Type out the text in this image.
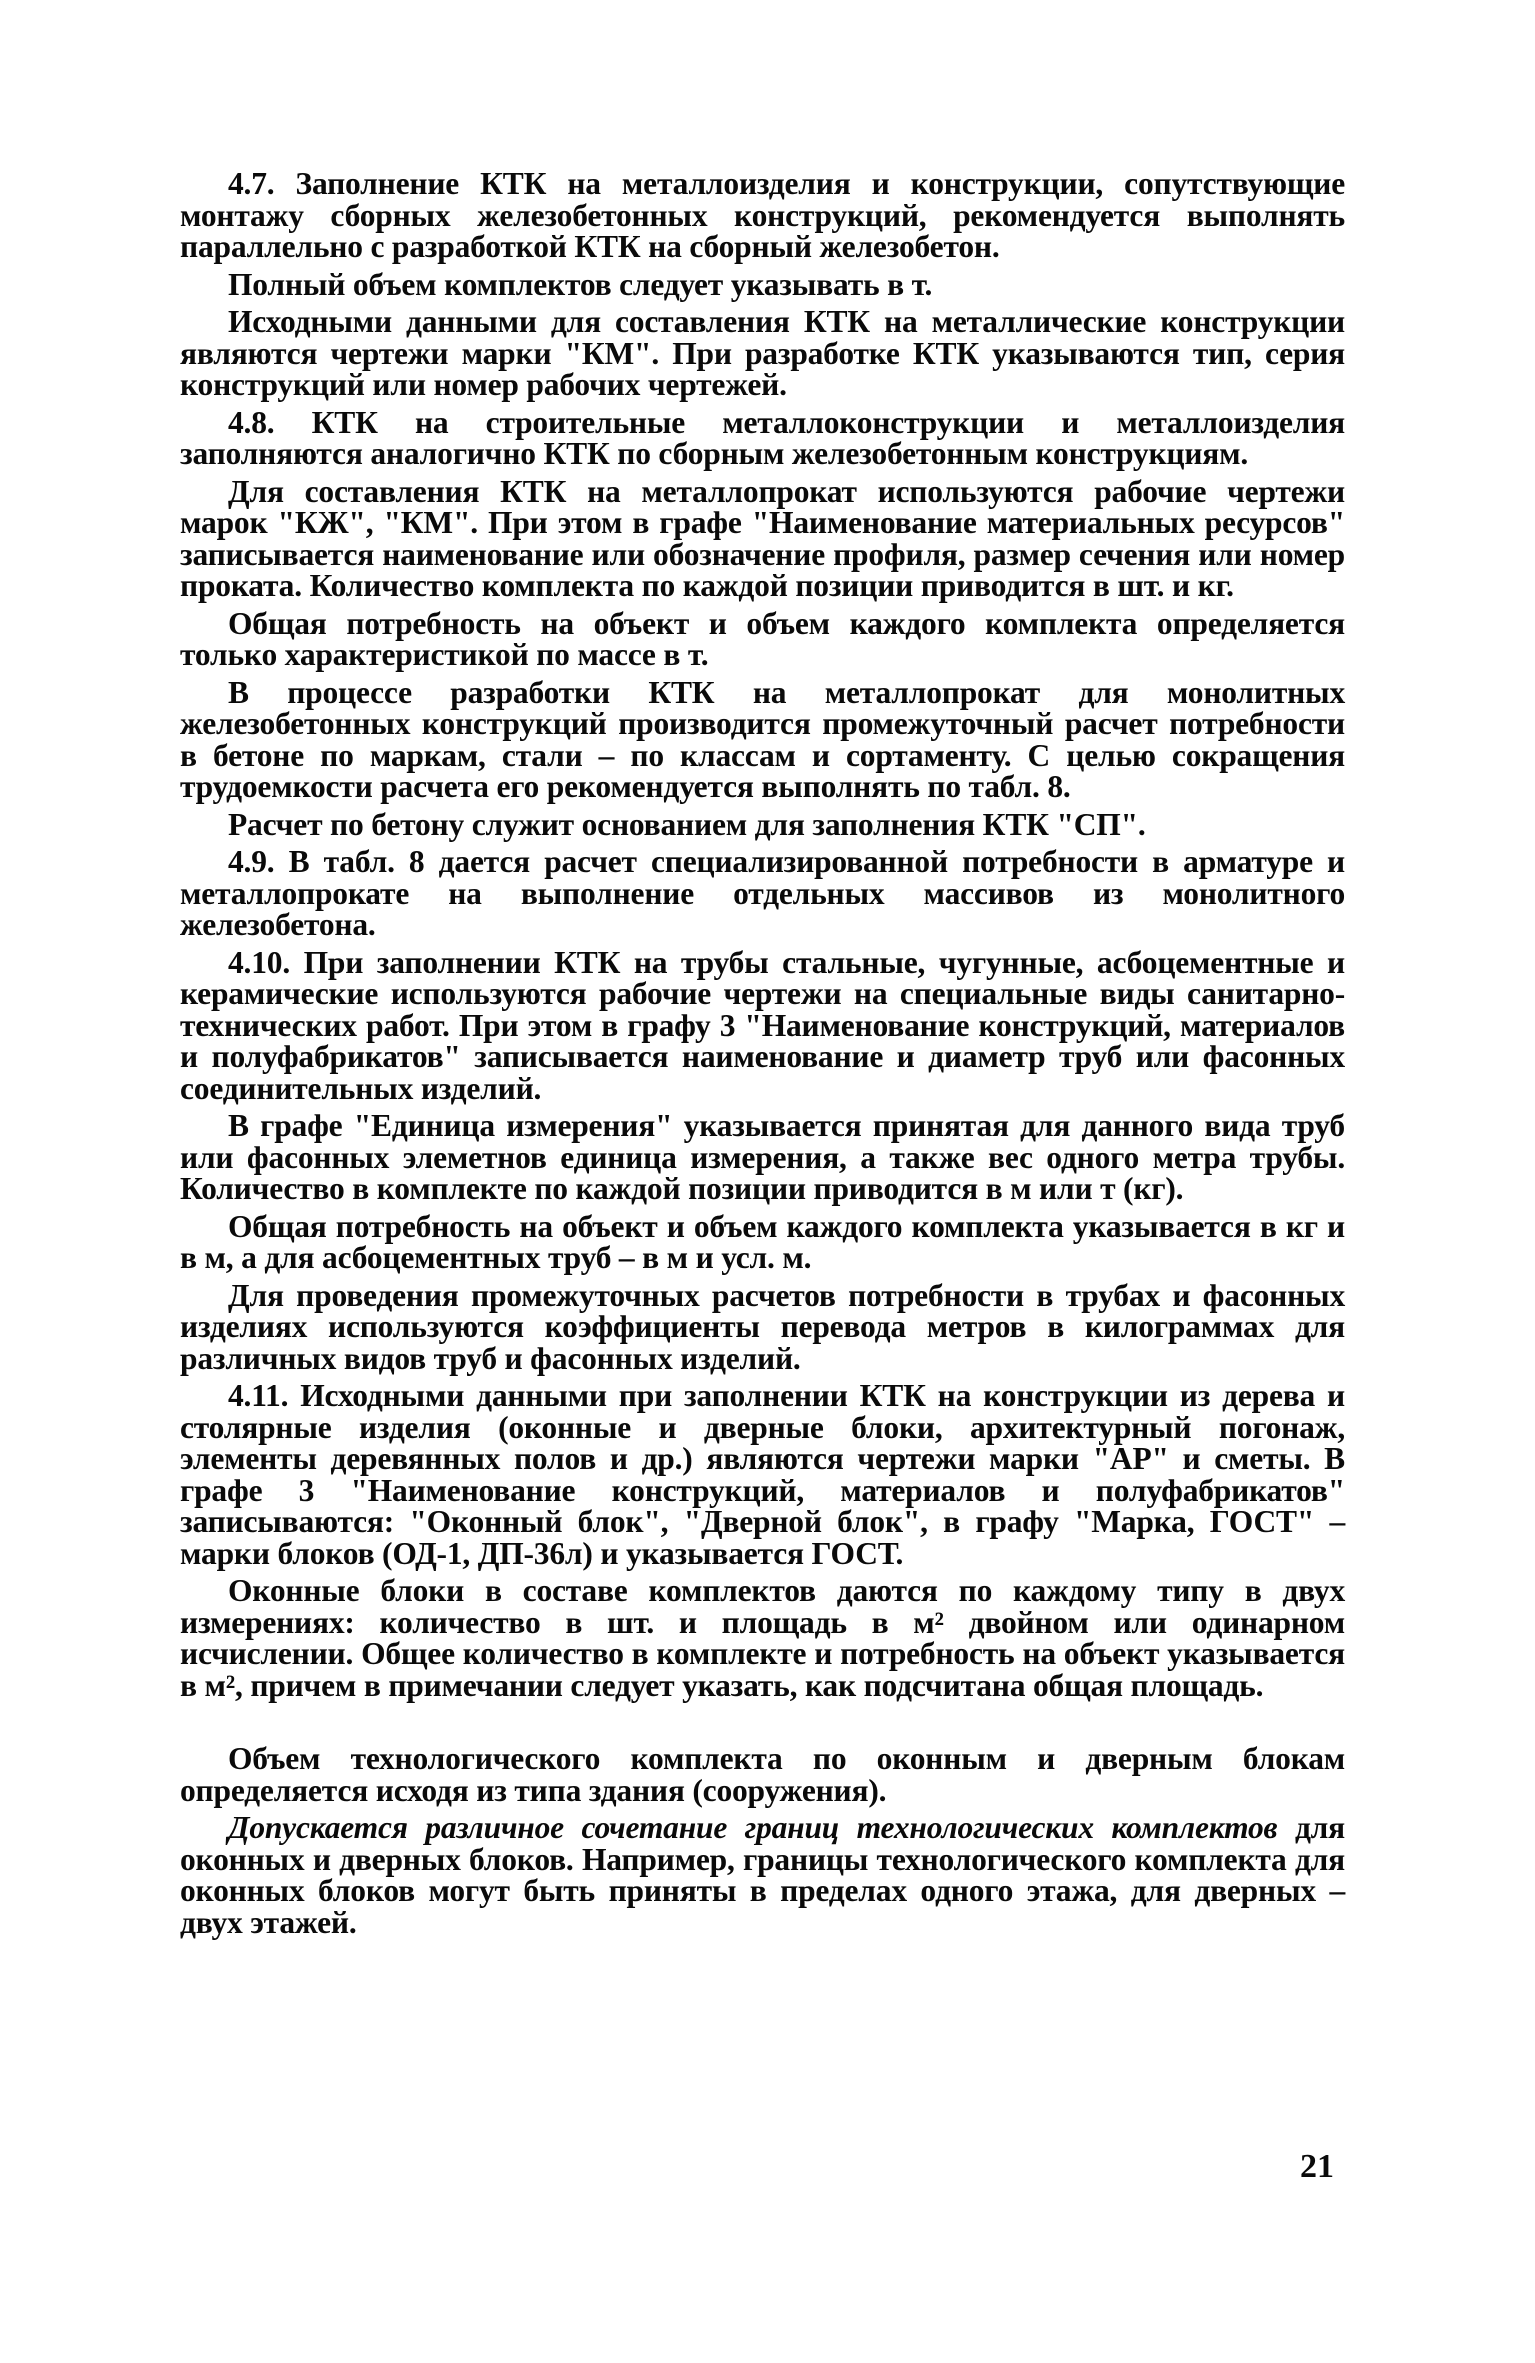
4.7. Заполнение КТК на металлоизделия и конструкции, сопутствующие монтажу сборных железобетонных конструкций, рекомендуется выполнять параллельно с разработкой КТК на сборный железобетон.

Полный объем комплектов следует указывать в т.

Исходными данными для составления КТК на металлические конструкции являются чертежи марки "КМ". При разработке КТК указываются тип, серия конструкций или номер рабочих чертежей.

4.8. КТК на строительные металлоконструкции и металлоизделия заполняются аналогично КТК по сборным железобетонным конструкциям.

Для составления КТК на металлопрокат используются рабочие чертежи марок "КЖ", "КМ". При этом в графе "Наименование материальных ресурсов" записывается наименование или обозначение профиля, размер сечения или номер проката. Количество комплекта по каждой позиции приводится в шт. и кг.

Общая потребность на объект и объем каждого комплекта определяется только характеристикой по массе в т.

В процессе разработки КТК на металлопрокат для монолитных железобетонных конструкций производится промежуточный расчет потребности в бетоне по маркам, стали – по классам и сортаменту. С целью сокращения трудоемкости расчета его рекомендуется выполнять по табл. 8.

Расчет по бетону служит основанием для заполнения КТК "СП".

4.9. В табл. 8 дается расчет специализированной потребности в арматуре и металлопрокате на выполнение отдельных массивов из монолитного железобетона.

4.10. При заполнении КТК на трубы стальные, чугунные, асбоцементные и керамические используются рабочие чертежи на специальные виды санитарно-технических работ. При этом в графу 3 "Наименование конструкций, материалов и полуфабрикатов" записывается наименование и диаметр труб или фасонных соединительных изделий.

В графе "Единица измерения" указывается принятая для данного вида труб или фасонных элеметнов единица измерения, а также вес одного метра трубы. Количество в комплекте по каждой позиции приводится в м или т (кг).

Общая потребность на объект и объем каждого комплекта указывается в кг и в м, а для асбоцементных труб – в м и усл. м.

Для проведения промежуточных расчетов потребности в трубах и фасонных изделиях используются коэффициенты перевода метров в килограммах для различных видов труб и фасонных изделий.

4.11. Исходными данными при заполнении КТК на конструкции из дерева и столярные изделия (оконные и дверные блоки, архитектурный погонаж, элементы деревянных полов и др.) являются чертежи марки "АР" и сметы. В графе 3 "Наименование конструкций, материалов и полуфабрикатов" записываются: "Оконный блок", "Дверной блок", в графу "Марка, ГОСТ" – марки блоков (ОД-1, ДП-36л) и указывается ГОСТ.

Оконные блоки в составе комплектов даются по каждому типу в двух измерениях: количество в шт. и площадь в м² двойном или одинарном исчислении. Общее количество в комплекте и потребность на объект указывается в м², причем в примечании следует указать, как подсчитана общая площадь.

Объем технологического комплекта по оконным и дверным блокам определяется исходя из типа здания (сооружения).

Допускается различное сочетание границ технологических комплектов для оконных и дверных блоков. Например, границы технологического комплекта для оконных блоков могут быть приняты в пределах одного этажа, для дверных – двух этажей.

21
